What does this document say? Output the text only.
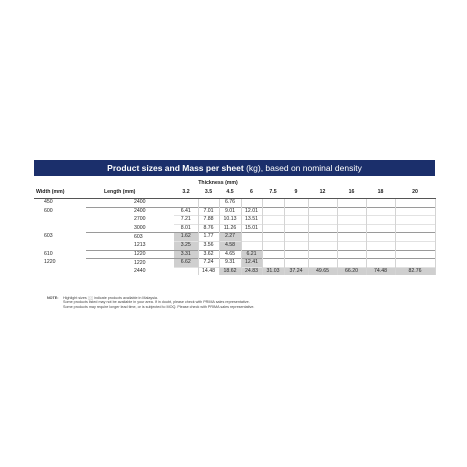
Product sizes and Mass per sheet (kg), based on nominal density
		Thickness (mm)									
Width (mm)	Length (mm)	3.2	3.5	4.5	6	7.5	9	12	16	18	20
450	2400			6.76							
600	2400	6.41	7.01	9.01	12.01						
	2700	7.21	7.88	10.13	13.51						
	3000	8.01	8.76	11.26	15.01						
603	603	1.62	1.77	2.27							
	1213	3.25	3.56	4.58							
610	1220	3.31	3.62	4.65	6.21						
1220	1220	6.62	7.24	9.31	12.41						
	2440		14.48	18.62	24.83	31.03	37.24	49.65	66.20	74.48	82.76
NOTE: Highlight sizes ░░ indicate products available in Malaysia.
Some products listed may not be available in your area. If in doubt, please check with PRIMA sales representative.
Some products may require longer lead time, or is subjected to MOQ. Please check with PRIMA sales representative.
